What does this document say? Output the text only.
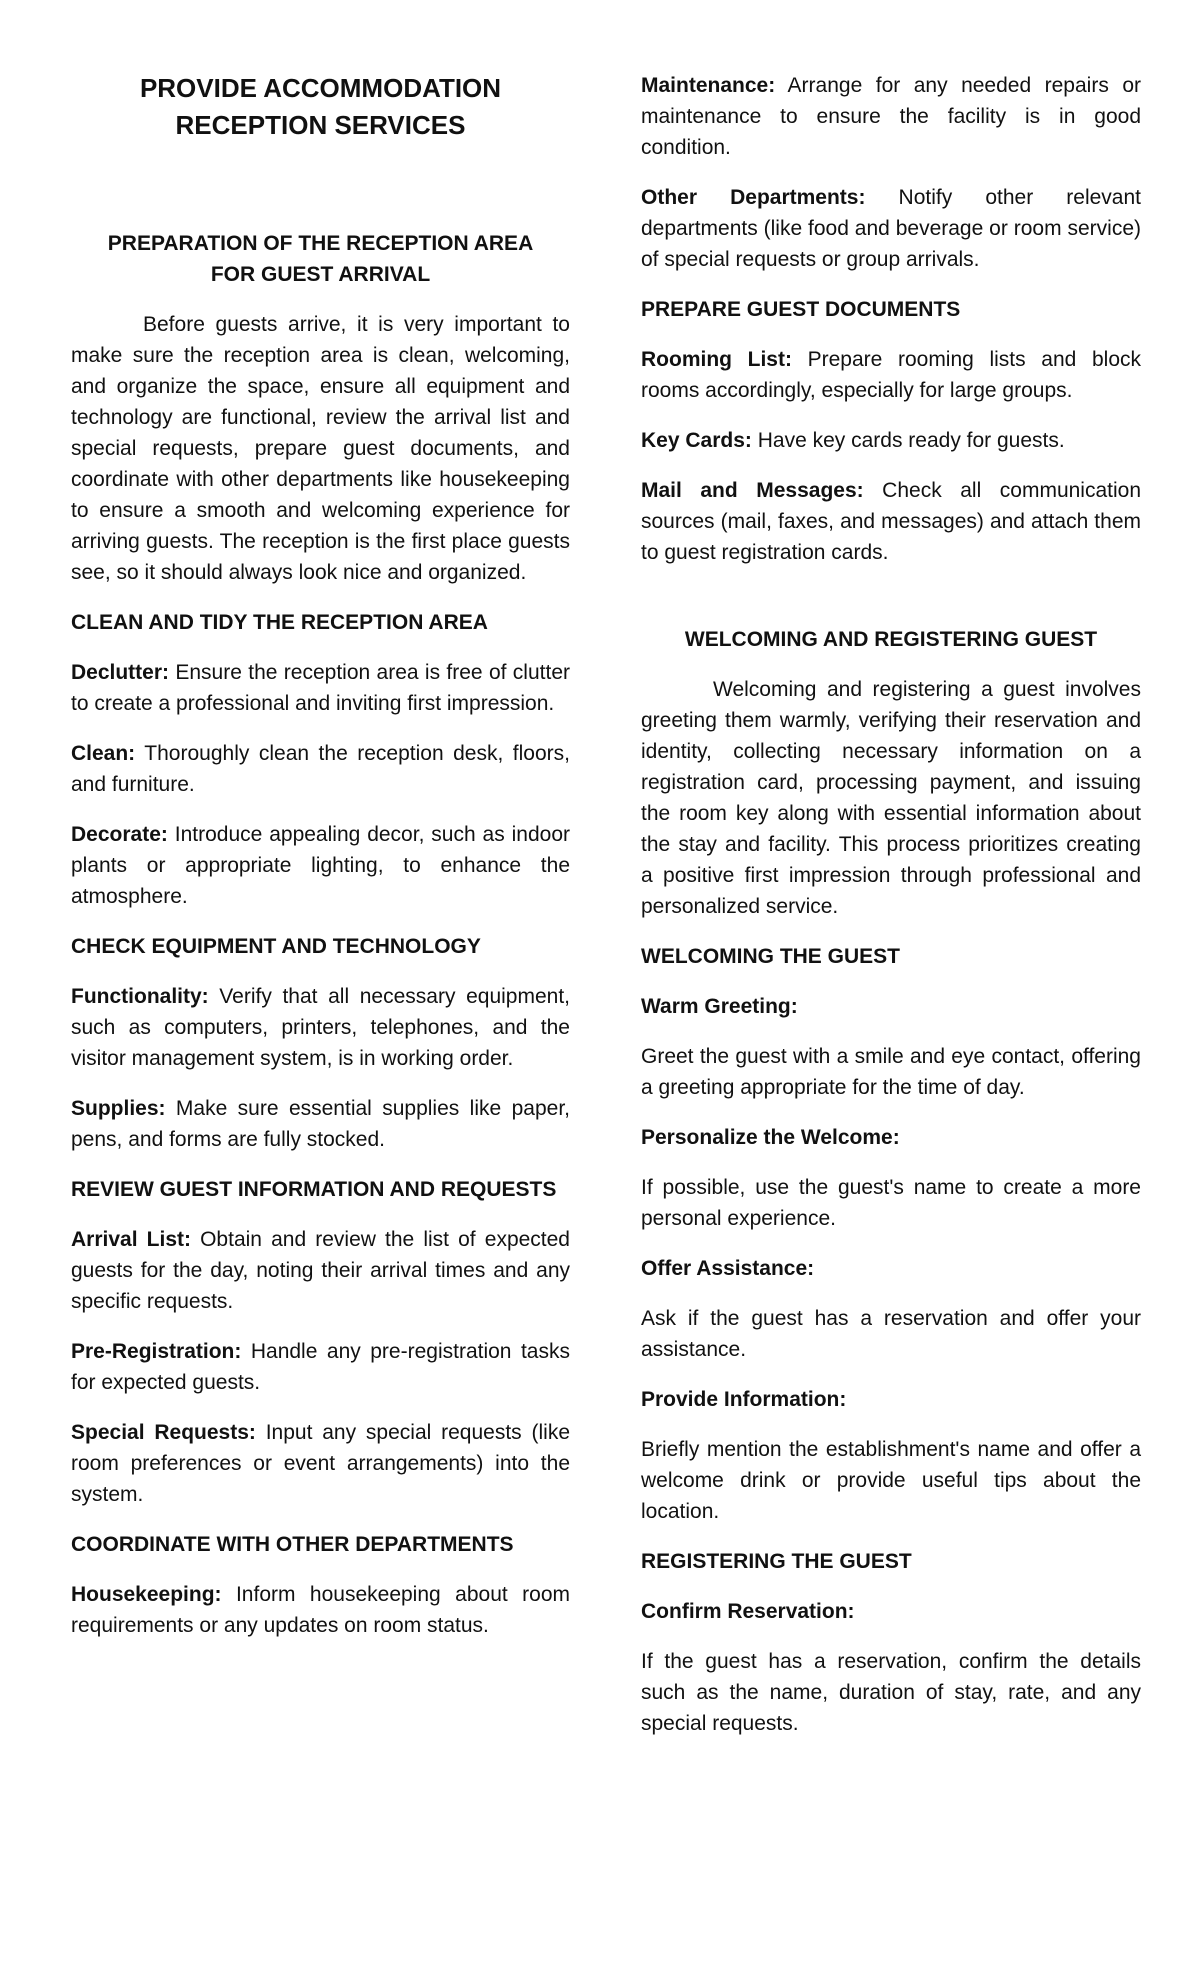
PROVIDE ACCOMMODATION
RECEPTION SERVICES
PREPARATION OF THE RECEPTION AREA
FOR GUEST ARRIVAL

Before guests arrive, it is very important to make sure the reception area is clean, welcoming, and organize the space, ensure all equipment and technology are functional, review the arrival list and special requests, prepare guest documents, and coordinate with other departments like housekeeping to ensure a smooth and welcoming experience for arriving guests. The reception is the first place guests see, so it should always look nice and organized.

CLEAN AND TIDY THE RECEPTION AREA

Declutter: Ensure the reception area is free of clutter to create a professional and inviting first impression.

Clean: Thoroughly clean the reception desk, floors, and furniture.

Decorate: Introduce appealing decor, such as indoor plants or appropriate lighting, to enhance the atmosphere.

CHECK EQUIPMENT AND TECHNOLOGY

Functionality: Verify that all necessary equipment, such as computers, printers, telephones, and the visitor management system, is in working order.

Supplies: Make sure essential supplies like paper, pens, and forms are fully stocked.

REVIEW GUEST INFORMATION AND REQUESTS

Arrival List: Obtain and review the list of expected guests for the day, noting their arrival times and any specific requests.

Pre-Registration: Handle any pre-registration tasks for expected guests.

Special Requests: Input any special requests (like room preferences or event arrangements) into the system.

COORDINATE WITH OTHER DEPARTMENTS

Housekeeping: Inform housekeeping about room requirements or any updates on room status.

Maintenance: Arrange for any needed repairs or maintenance to ensure the facility is in good condition.

Other Departments: Notify other relevant departments (like food and beverage or room service) of special requests or group arrivals.

PREPARE GUEST DOCUMENTS

Rooming List: Prepare rooming lists and block rooms accordingly, especially for large groups.

Key Cards: Have key cards ready for guests.

Mail and Messages: Check all communication sources (mail, faxes, and messages) and attach them to guest registration cards.

WELCOMING AND REGISTERING GUEST

Welcoming and registering a guest involves greeting them warmly, verifying their reservation and identity, collecting necessary information on a registration card, processing payment, and issuing the room key along with essential information about the stay and facility. This process prioritizes creating a positive first impression through professional and personalized service.

WELCOMING THE GUEST

Warm Greeting:

Greet the guest with a smile and eye contact, offering a greeting appropriate for the time of day.

Personalize the Welcome:

If possible, use the guest's name to create a more personal experience.

Offer Assistance:

Ask if the guest has a reservation and offer your assistance.

Provide Information:

Briefly mention the establishment's name and offer a welcome drink or provide useful tips about the location.

REGISTERING THE GUEST

Confirm Reservation:

If the guest has a reservation, confirm the details such as the name, duration of stay, rate, and any special requests.
